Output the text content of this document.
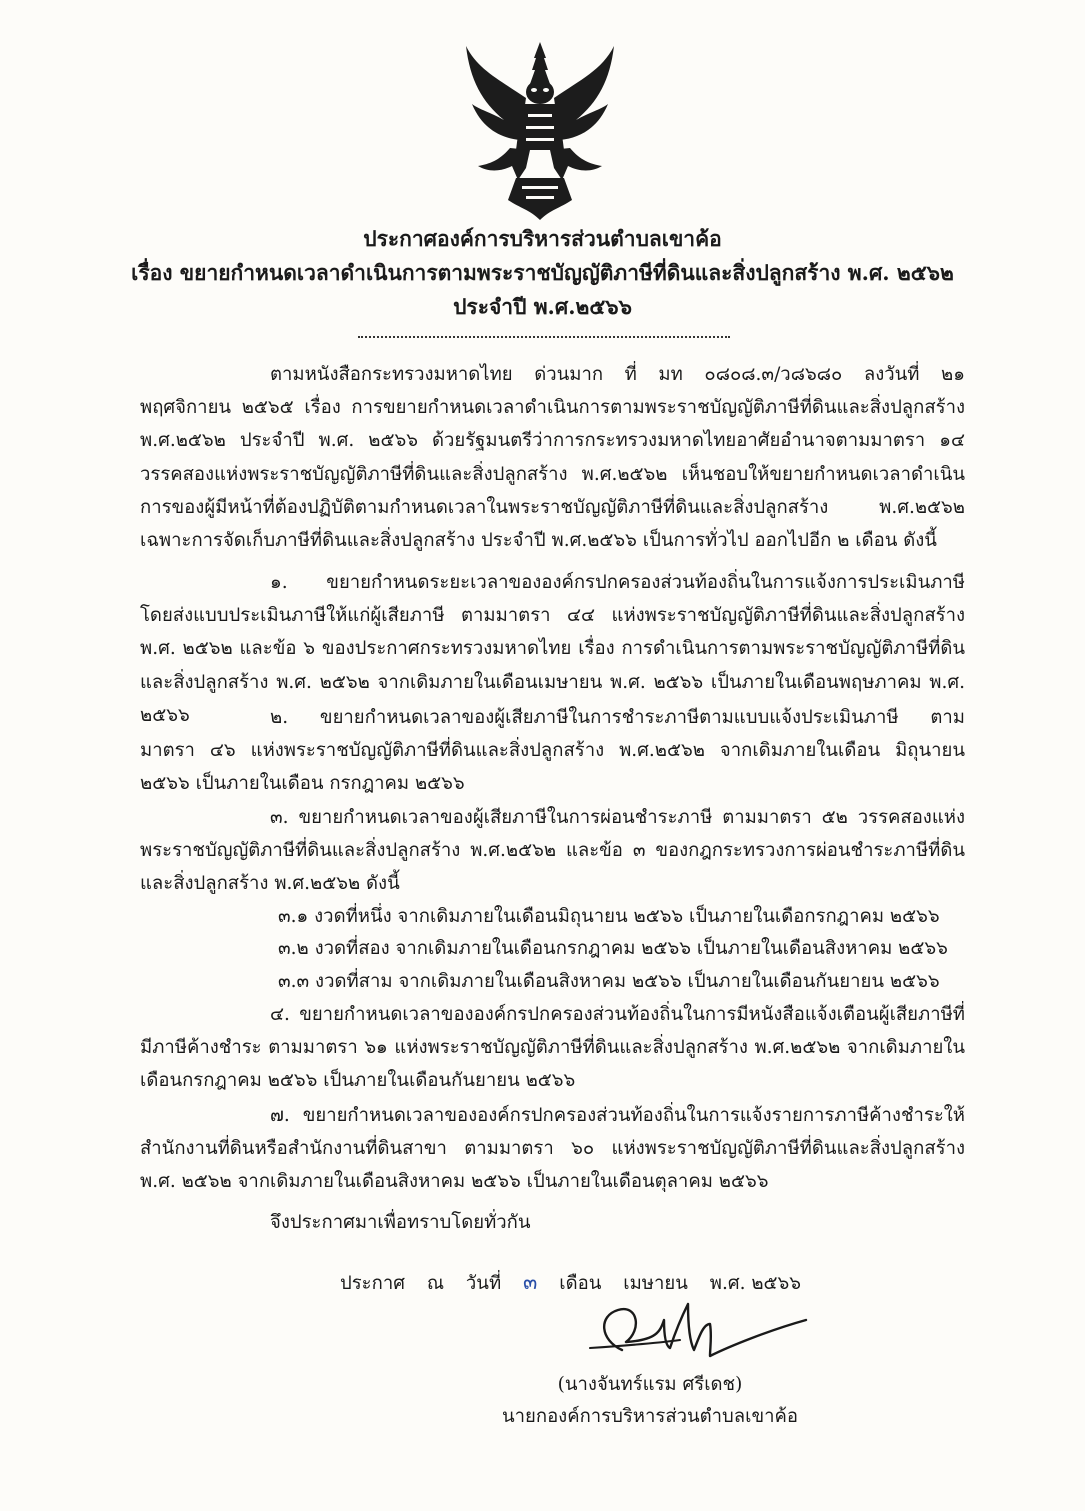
ประกาศองค์การบริหารส่วนตำบลเขาค้อ
เรื่อง ขยายกำหนดเวลาดำเนินการตามพระราชบัญญัติภาษีที่ดินและสิ่งปลูกสร้าง พ.ศ. ๒๕๖๒
ประจำปี พ.ศ.๒๕๖๖
ตามหนังสือกระทรวงมหาดไทย ด่วนมาก ที่ มท ๐๘๐๘.๓/ว๘๖๘๐ ลงวันที่ ๒๑ พฤศจิกายน ๒๕๖๕ เรื่อง การขยายกำหนดเวลาดำเนินการตามพระราชบัญญัติภาษีที่ดินและสิ่งปลูกสร้าง พ.ศ.๒๕๖๒ ประจำปี พ.ศ. ๒๕๖๖ ด้วยรัฐมนตรีว่าการกระทรวงมหาดไทยอาศัยอำนาจตามมาตรา ๑๔ วรรคสองแห่งพระราชบัญญัติภาษีที่ดินและสิ่งปลูกสร้าง พ.ศ.๒๕๖๒ เห็นชอบให้ขยายกำหนดเวลาดำเนินการของผู้มีหน้าที่ต้องปฏิบัติตามกำหนดเวลาในพระราชบัญญัติภาษีที่ดินและสิ่งปลูกสร้าง พ.ศ.๒๕๖๒ เฉพาะการจัดเก็บภาษีที่ดินและสิ่งปลูกสร้าง ประจำปี พ.ศ.๒๕๖๖ เป็นการทั่วไป ออกไปอีก ๒ เดือน ดังนี้
๑. ขยายกำหนดระยะเวลาขององค์กรปกครองส่วนท้องถิ่นในการแจ้งการประเมินภาษี โดยส่งแบบประเมินภาษีให้แก่ผู้เสียภาษี ตามมาตรา ๔๔ แห่งพระราชบัญญัติภาษีที่ดินและสิ่งปลูกสร้าง พ.ศ. ๒๕๖๒ และข้อ ๖ ของประกาศกระทรวงมหาดไทย เรื่อง การดำเนินการตามพระราชบัญญัติภาษีที่ดินและสิ่งปลูกสร้าง พ.ศ. ๒๕๖๒ จากเดิมภายในเดือนเมษายน พ.ศ. ๒๕๖๖ เป็นภายในเดือนพฤษภาคม พ.ศ. ๒๕๖๖	๒. ขยายกำหนดเวลาของผู้เสียภาษีในการชำระภาษีตามแบบแจ้งประเมินภาษี ตามมาตรา ๔๖ แห่งพระราชบัญญัติภาษีที่ดินและสิ่งปลูกสร้าง พ.ศ.๒๕๖๒ จากเดิมภายในเดือน มิถุนายน ๒๕๖๖ เป็นภายในเดือน กรกฎาคม ๒๕๖๖
๓. ขยายกำหนดเวลาของผู้เสียภาษีในการผ่อนชำระภาษี ตามมาตรา ๕๒ วรรคสองแห่งพระราชบัญญัติภาษีที่ดินและสิ่งปลูกสร้าง พ.ศ.๒๕๖๒ และข้อ ๓ ของกฎกระทรวงการผ่อนชำระภาษีที่ดินและสิ่งปลูกสร้าง พ.ศ.๒๕๖๒ ดังนี้
๓.๑ งวดที่หนึ่ง จากเดิมภายในเดือนมิถุนายน ๒๕๖๖ เป็นภายในเดือกรกฎาคม ๒๕๖๖
๓.๒ งวดที่สอง จากเดิมภายในเดือนกรกฎาคม ๒๕๖๖ เป็นภายในเดือนสิงหาคม ๒๕๖๖
๓.๓ งวดที่สาม จากเดิมภายในเดือนสิงหาคม ๒๕๖๖ เป็นภายในเดือนกันยายน ๒๕๖๖
๔. ขยายกำหนดเวลาขององค์กรปกครองส่วนท้องถิ่นในการมีหนังสือแจ้งเตือนผู้เสียภาษีที่มีภาษีค้างชำระ ตามมาตรา ๖๑ แห่งพระราชบัญญัติภาษีที่ดินและสิ่งปลูกสร้าง พ.ศ.๒๕๖๒ จากเดิมภายในเดือนกรกฎาคม ๒๕๖๖ เป็นภายในเดือนกันยายน ๒๕๖๖
๗. ขยายกำหนดเวลาขององค์กรปกครองส่วนท้องถิ่นในการแจ้งรายการภาษีค้างชำระให้สำนักงานที่ดินหรือสำนักงานที่ดินสาขา ตามมาตรา ๖๐ แห่งพระราชบัญญัติภาษีที่ดินและสิ่งปลูกสร้าง พ.ศ. ๒๕๖๒ จากเดิมภายในเดือนสิงหาคม ๒๕๖๖ เป็นภายในเดือนตุลาคม ๒๕๖๖
จึงประกาศมาเพื่อทราบโดยทั่วกัน
ประกาศ ณ วันที่ ๓ เดือน เมษายน พ.ศ. ๒๕๖๖
(นางจันทร์แรม ศรีเดช)
นายกองค์การบริหารส่วนตำบลเขาค้อ
